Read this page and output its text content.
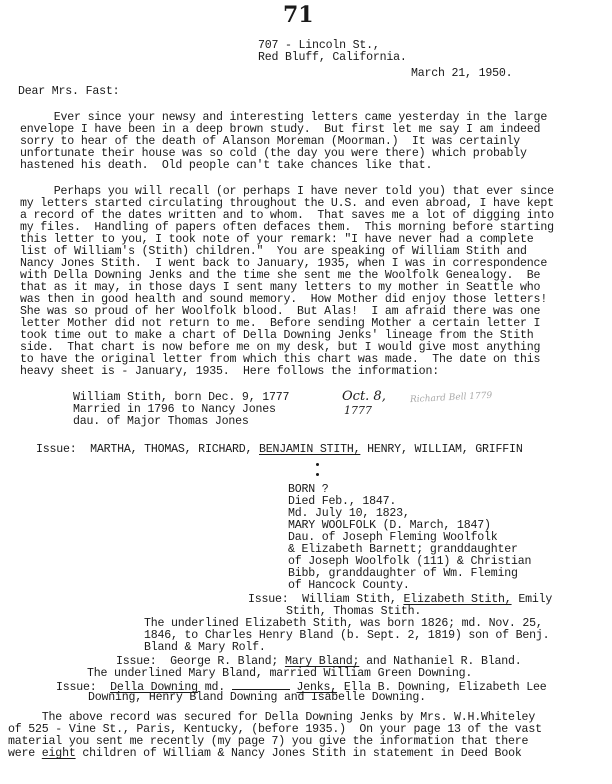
71
707 - Lincoln St.,
Red Bluff, California.
March 21, 1950.
Dear Mrs. Fast:
Ever since your newsy and interesting letters came yesterday in the large
envelope I have been in a deep brown study.  But first let me say I am indeed
sorry to hear of the death of Alanson Moreman (Moorman.)  It was certainly
unfortunate their house was so cold (the day you were there) which probably
hastened his death.  Old people can't take chances like that.
Perhaps you will recall (or perhaps I have never told you) that ever since
my letters started circulating throughout the U.S. and even abroad, I have kept
a record of the dates written and to whom.  That saves me a lot of digging into
my files.  Handling of papers often defaces them.  This morning before starting
this letter to you, I took note of your remark: "I have never had a complete
list of William's (Stith) children."  You are speaking of William Stith and
Nancy Jones Stith.  I went back to January, 1935, when I was in correspondence
with Della Downing Jenks and the time she sent me the Woolfolk Genealogy.  Be
that as it may, in those days I sent many letters to my mother in Seattle who
was then in good health and sound memory.  How Mother did enjoy those letters!
She was so proud of her Woolfolk blood.  But Alas!  I am afraid there was one
letter Mother did not return to me.  Before sending Mother a certain letter I
took time out to make a chart of Della Downing Jenks' lineage from the Stith
side.  That chart is now before me on my desk, but I would give most anything
to have the original letter from which this chart was made.  The date on this
heavy sheet is - January, 1935.  Here follows the information:
William Stith, born Dec. 9, 1777
Married in 1796 to Nancy Jones
dau. of Major Thomas Jones
Oct. 8,
1777
Richard Bell 1779
Issue: MARTHA, THOMAS, RICHARD, BENJAMIN STITH, HENRY, WILLIAM, GRIFFIN
BORN ?
Died Feb., 1847.
Md. July 10, 1823,
MARY WOOLFOLK (D. March, 1847)
Dau. of Joseph Fleming Woolfolk
& Elizabeth Barnett; granddaughter
of Joseph Woolfolk (111) & Christian
Bibb, granddaughter of Wm. Fleming
of Hancock County.
Issue: William Stith, Elizabeth Stith, Emily
Stith, Thomas Stith.
The underlined Elizabeth Stith, was born 1826; md. Nov. 25,
1846, to Charles Henry Bland (b. Sept. 2, 1819) son of Benj.
Bland & Mary Rolf.
Issue: George R. Bland; Mary Bland; and Nathaniel R. Bland.
The underlined Mary Bland, married William Green Downing.
Issue: Della Downing md.	Jenks, Ella B. Downing, Elizabeth Lee
Downing, Henry Bland Downing and Isabelle Downing.
The above record was secured for Della Downing Jenks by Mrs. W.H.Whiteley
of 525 - Vine St., Paris, Kentucky, (before 1935.)  On your page 13 of the vast
material you sent me recently (my page 7) you give the information that there
were eight children of William & Nancy Jones Stith in statement in Deed Book
